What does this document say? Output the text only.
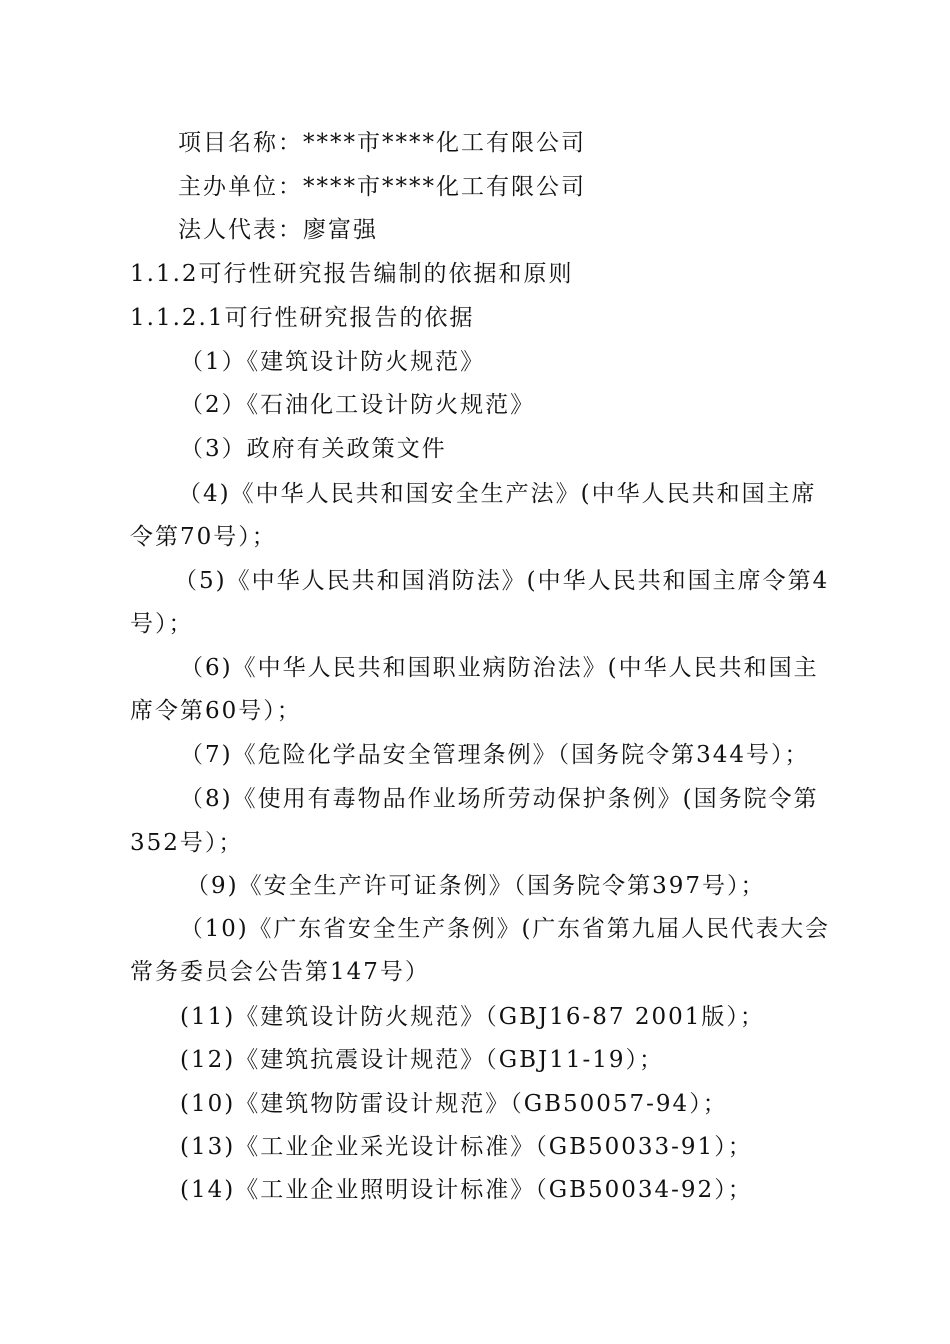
项目名称：****市****化工有限公司
主办单位：****市****化工有限公司
法人代表：廖富强
1.1.2可行性研究报告编制的依据和原则
1.1.2.1可行性研究报告的依据
（1）《建筑设计防火规范》
（2）《石油化工设计防火规范》
（3）政府有关政策文件
（4)《中华人民共和国安全生产法》(中华人民共和国主席
令第70号）；
（5)《中华人民共和国消防法》(中华人民共和国主席令第4
号）；
（6)《中华人民共和国职业病防治法》(中华人民共和国主
席令第60号）；
（7)《危险化学品安全管理条例》（国务院令第344号）；
（8)《使用有毒物品作业场所劳动保护条例》(国务院令第
352号）；
（9)《安全生产许可证条例》（国务院令第397号）；
（10)《广东省安全生产条例》(广东省第九届人民代表大会
常务委员会公告第147号）
(11)《建筑设计防火规范》（GBJ16-87 2001版）；
(12)《建筑抗震设计规范》（GBJ11-19）；
(10)《建筑物防雷设计规范》（GB50057-94）；
(13)《工业企业采光设计标准》（GB50033-91）；
(14)《工业企业照明设计标准》（GB50034-92）；
